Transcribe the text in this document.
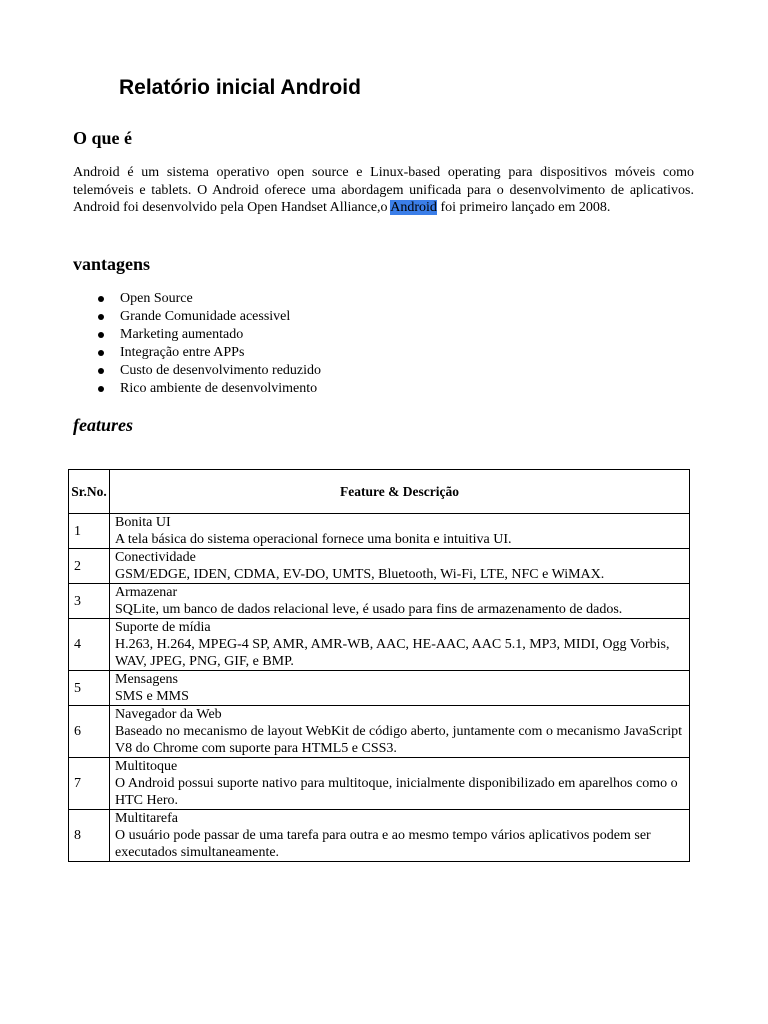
Relatório inicial Android
O que é

Android é um sistema operativo open source e Linux-based operating para dispositivos móveis como telemóveis e tablets. O Android oferece uma abordagem unificada para o desenvolvimento de aplicativos. Android foi desenvolvido pela Open Handset Alliance,o Android foi primeiro lançado em 2008.

vantagens
Open Source
Grande Comunidade acessivel
Marketing aumentado
Integração entre APPs
Custo de desenvolvimento reduzido
Rico ambiente de desenvolvimento
features
Sr.No.	Feature & Descrição
1	Bonita UI
A tela básica do sistema operacional fornece uma bonita e intuitiva UI.
2	Conectividade
GSM/EDGE, IDEN, CDMA, EV-DO, UMTS, Bluetooth, Wi-Fi, LTE, NFC e WiMAX.
3	Armazenar
SQLite, um banco de dados relacional leve, é usado para fins de armazenamento de dados.
4	Suporte de mídia
H.263, H.264, MPEG-4 SP, AMR, AMR-WB, AAC, HE-AAC, AAC 5.1, MP3, MIDI, Ogg Vorbis, WAV, JPEG, PNG, GIF, e BMP.
5	Mensagens
SMS e MMS
6	Navegador da Web
Baseado no mecanismo de layout WebKit de código aberto, juntamente com o mecanismo JavaScript V8 do Chrome com suporte para HTML5 e CSS3.
7	Multitoque
O Android possui suporte nativo para multitoque, inicialmente disponibilizado em aparelhos como o HTC Hero.
8	Multitarefa
O usuário pode passar de uma tarefa para outra e ao mesmo tempo vários aplicativos podem ser executados simultaneamente.
